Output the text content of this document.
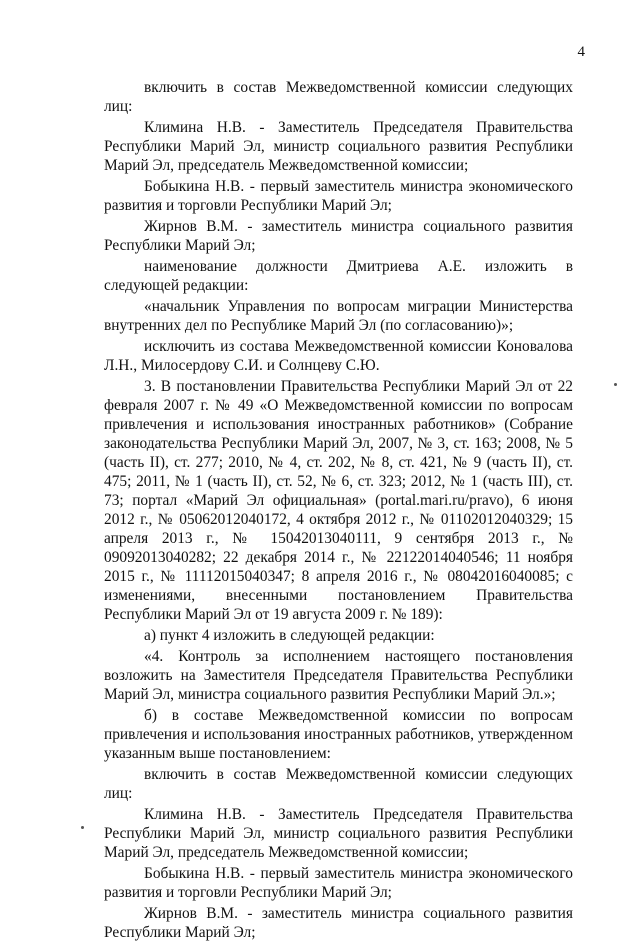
4

включить в состав Межведомственной комиссии следующих лиц:

Климина Н.В. - Заместитель Председателя Правительства Республики Марий Эл, министр социального развития Республики Марий Эл, председатель Межведомственной комиссии;

Бобыкина Н.В. - первый заместитель министра экономического развития и торговли Республики Марий Эл;

Жирнов В.М. - заместитель министра социального развития Республики Марий Эл;

наименование должности Дмитриева А.Е. изложить в следующей редакции:

«начальник Управления по вопросам миграции Министерства внутренних дел по Республике Марий Эл (по согласованию)»;

исключить из состава Межведомственной комиссии Коновалова Л.Н., Милосердову С.И. и Солнцеву С.Ю.

3. В постановлении Правительства Республики Марий Эл от 22 февраля 2007 г. № 49 «О Межведомственной комиссии по вопросам привлечения и использования иностранных работников» (Собрание законодательства Республики Марий Эл, 2007, № 3, ст. 163; 2008, № 5 (часть II), ст. 277; 2010, № 4, ст. 202, № 8, ст. 421, № 9 (часть II), ст. 475; 2011, № 1 (часть II), ст. 52, № 6, ст. 323; 2012, № 1 (часть III), ст. 73; портал «Марий Эл официальная» (portal.mari.ru/pravo), 6 июня 2012 г., № 05062012040172, 4 октября 2012 г., № 01102012040329; 15 апреля 2013 г., № 15042013040111, 9 сентября 2013 г., № 09092013040282; 22 декабря 2014 г., № 22122014040546; 11 ноября 2015 г., № 11112015040347; 8 апреля 2016 г., № 08042016040085; с изменениями, внесенными постановлением Правительства Республики Марий Эл от 19 августа 2009 г. № 189):

а) пункт 4 изложить в следующей редакции:

«4. Контроль за исполнением настоящего постановления возложить на Заместителя Председателя Правительства Республики Марий Эл, министра социального развития Республики Марий Эл.»;

б) в составе Межведомственной комиссии по вопросам привлечения и использования иностранных работников, утвержденном указанным выше постановлением:

включить в состав Межведомственной комиссии следующих лиц:

Климина Н.В. - Заместитель Председателя Правительства Республики Марий Эл, министр социального развития Республики Марий Эл, председатель Межведомственной комиссии;

Бобыкина Н.В. - первый заместитель министра экономического развития и торговли Республики Марий Эл;

Жирнов В.М. - заместитель министра социального развития Республики Марий Эл;
